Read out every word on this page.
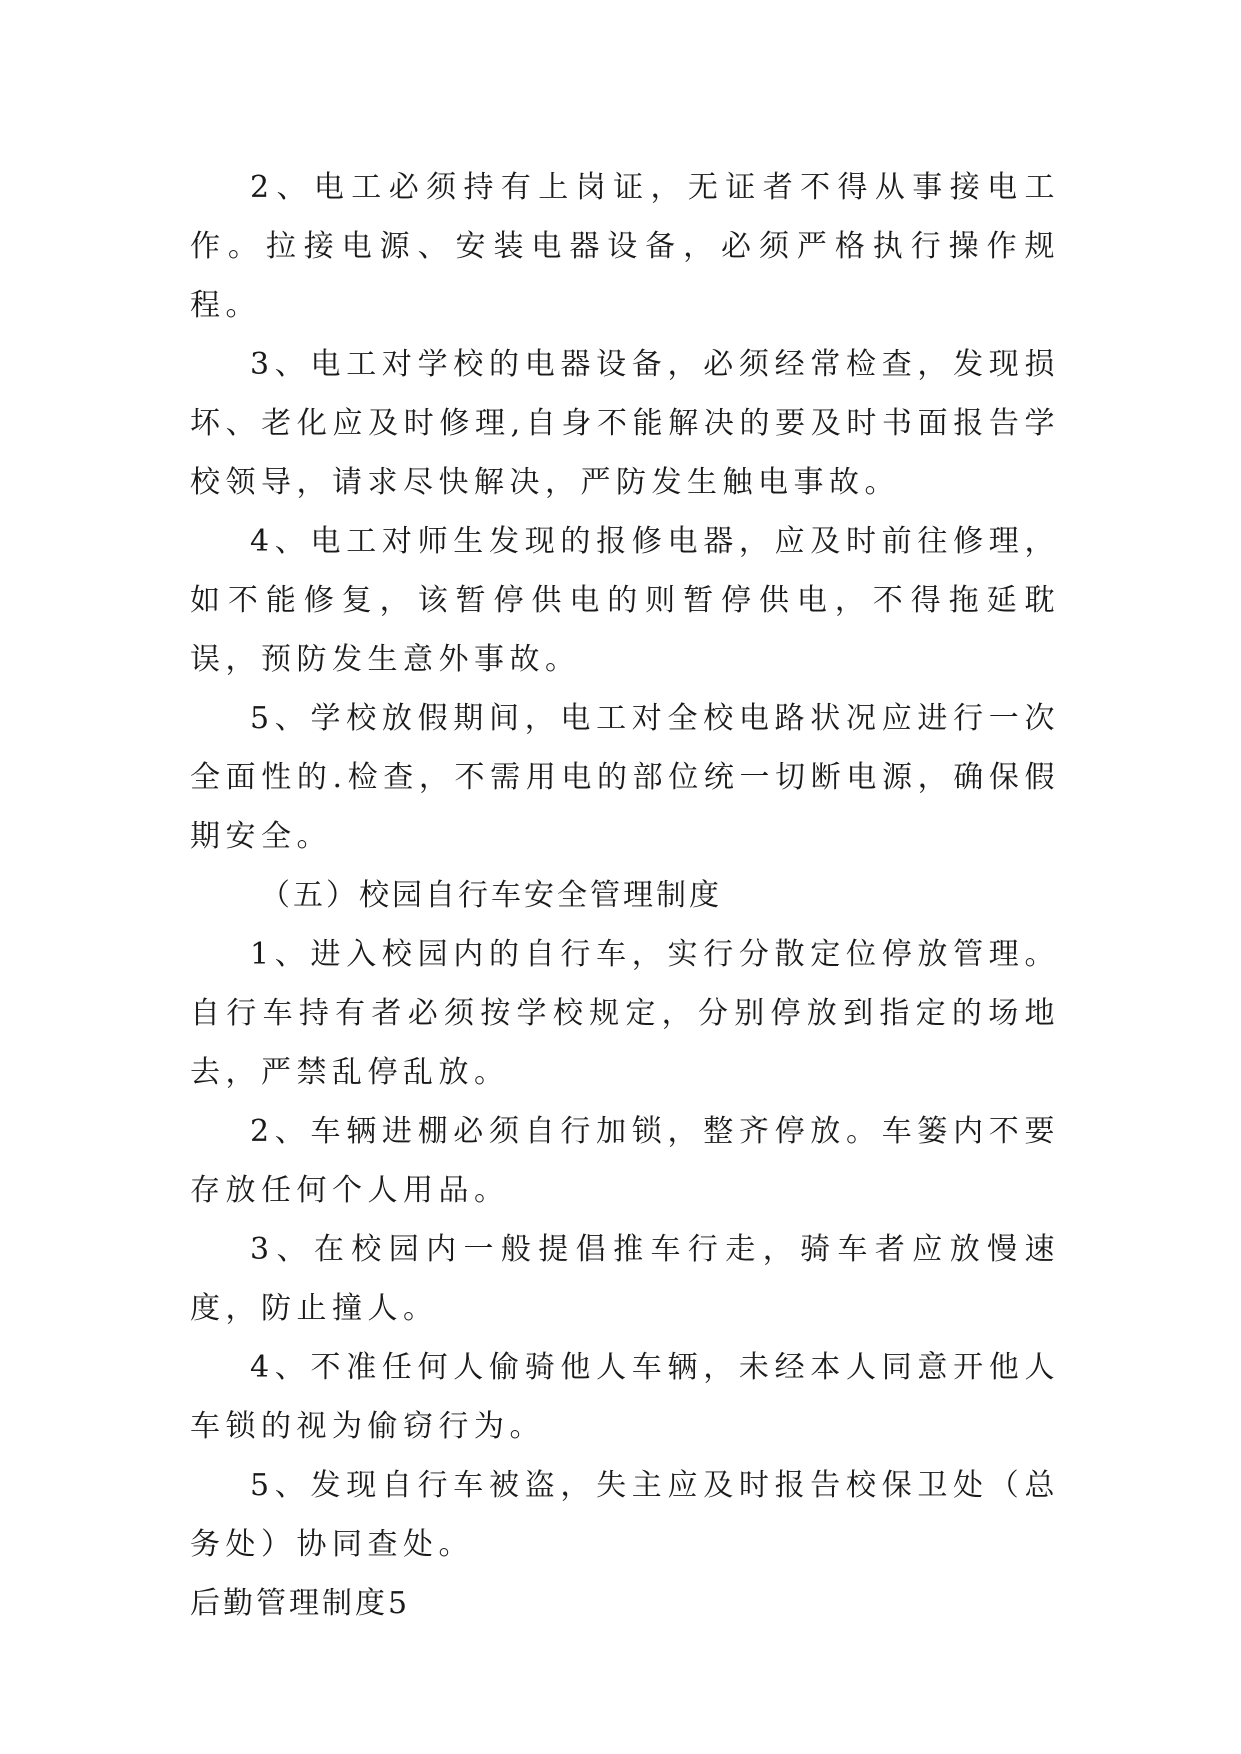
2、电工必须持有上岗证，无证者不得从事接电工作。拉接电源、安装电器设备，必须严格执行操作规程。

3、电工对学校的电器设备，必须经常检查，发现损坏、老化应及时修理,自身不能解决的要及时书面报告学校领导，请求尽快解决，严防发生触电事故。

4、电工对师生发现的报修电器，应及时前往修理，如不能修复，该暂停供电的则暂停供电，不得拖延耽误，预防发生意外事故。

5、学校放假期间，电工对全校电路状况应进行一次全面性的.检查，不需用电的部位统一切断电源，确保假期安全。

（五）校园自行车安全管理制度

1、进入校园内的自行车，实行分散定位停放管理。自行车持有者必须按学校规定，分别停放到指定的场地去，严禁乱停乱放。

2、车辆进棚必须自行加锁，整齐停放。车篓内不要存放任何个人用品。

3、在校园内一般提倡推车行走，骑车者应放慢速度，防止撞人。

4、不准任何人偷骑他人车辆，未经本人同意开他人车锁的视为偷窃行为。

5、发现自行车被盗，失主应及时报告校保卫处（总务处）协同查处。

后勤管理制度5
